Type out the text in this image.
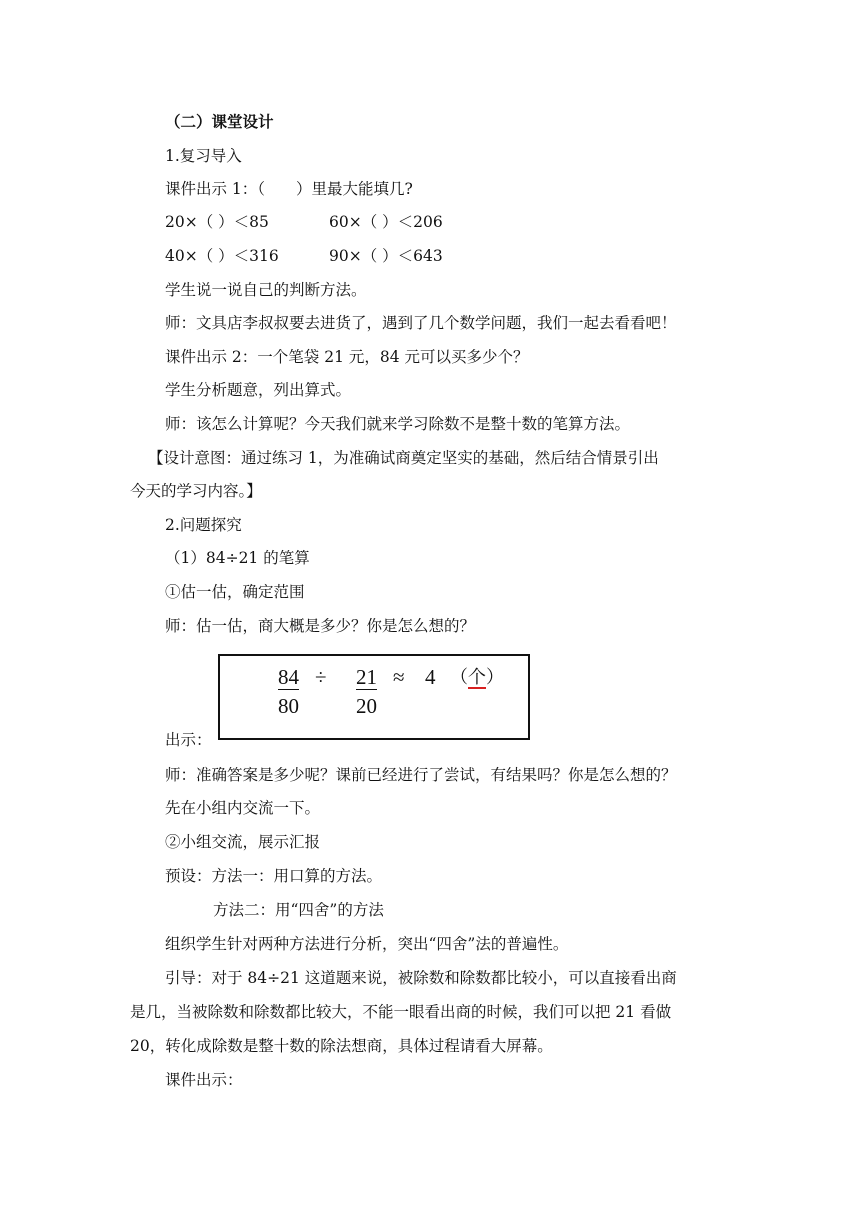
（二）课堂设计
1.复习导入
课件出示 1：（　　）里最大能填几?
20×（ ）＜85	60×（ ）＜206
40×（ ）＜316	90×（ ）＜643
学生说一说自己的判断方法。
师：文具店李叔叔要去进货了，遇到了几个数学问题，我们一起去看看吧！
课件出示 2：一个笔袋 21 元，84 元可以买多少个？
学生分析题意，列出算式。
师：该怎么计算呢？今天我们就来学习除数不是整十数的笔算方法。
【设计意图：通过练习 1，为准确试商奠定坚实的基础，然后结合情景引出
今天的学习内容。】
2.问题探究
（1）84÷21 的笔算
①估一估，确定范围
师：估一估，商大概是多少？你是怎么想的？
84 ÷ 21 ≈ 4 （个）
80	20
出示：
师：准确答案是多少呢？课前已经进行了尝试，有结果吗？你是怎么想的？
先在小组内交流一下。
②小组交流，展示汇报
预设：方法一：用口算的方法。
方法二：用“四舍”的方法
组织学生针对两种方法进行分析，突出“四舍”法的普遍性。
引导：对于 84÷21 这道题来说，被除数和除数都比较小，可以直接看出商
是几，当被除数和除数都比较大，不能一眼看出商的时候，我们可以把 21 看做
20，转化成除数是整十数的除法想商，具体过程请看大屏幕。
课件出示：
